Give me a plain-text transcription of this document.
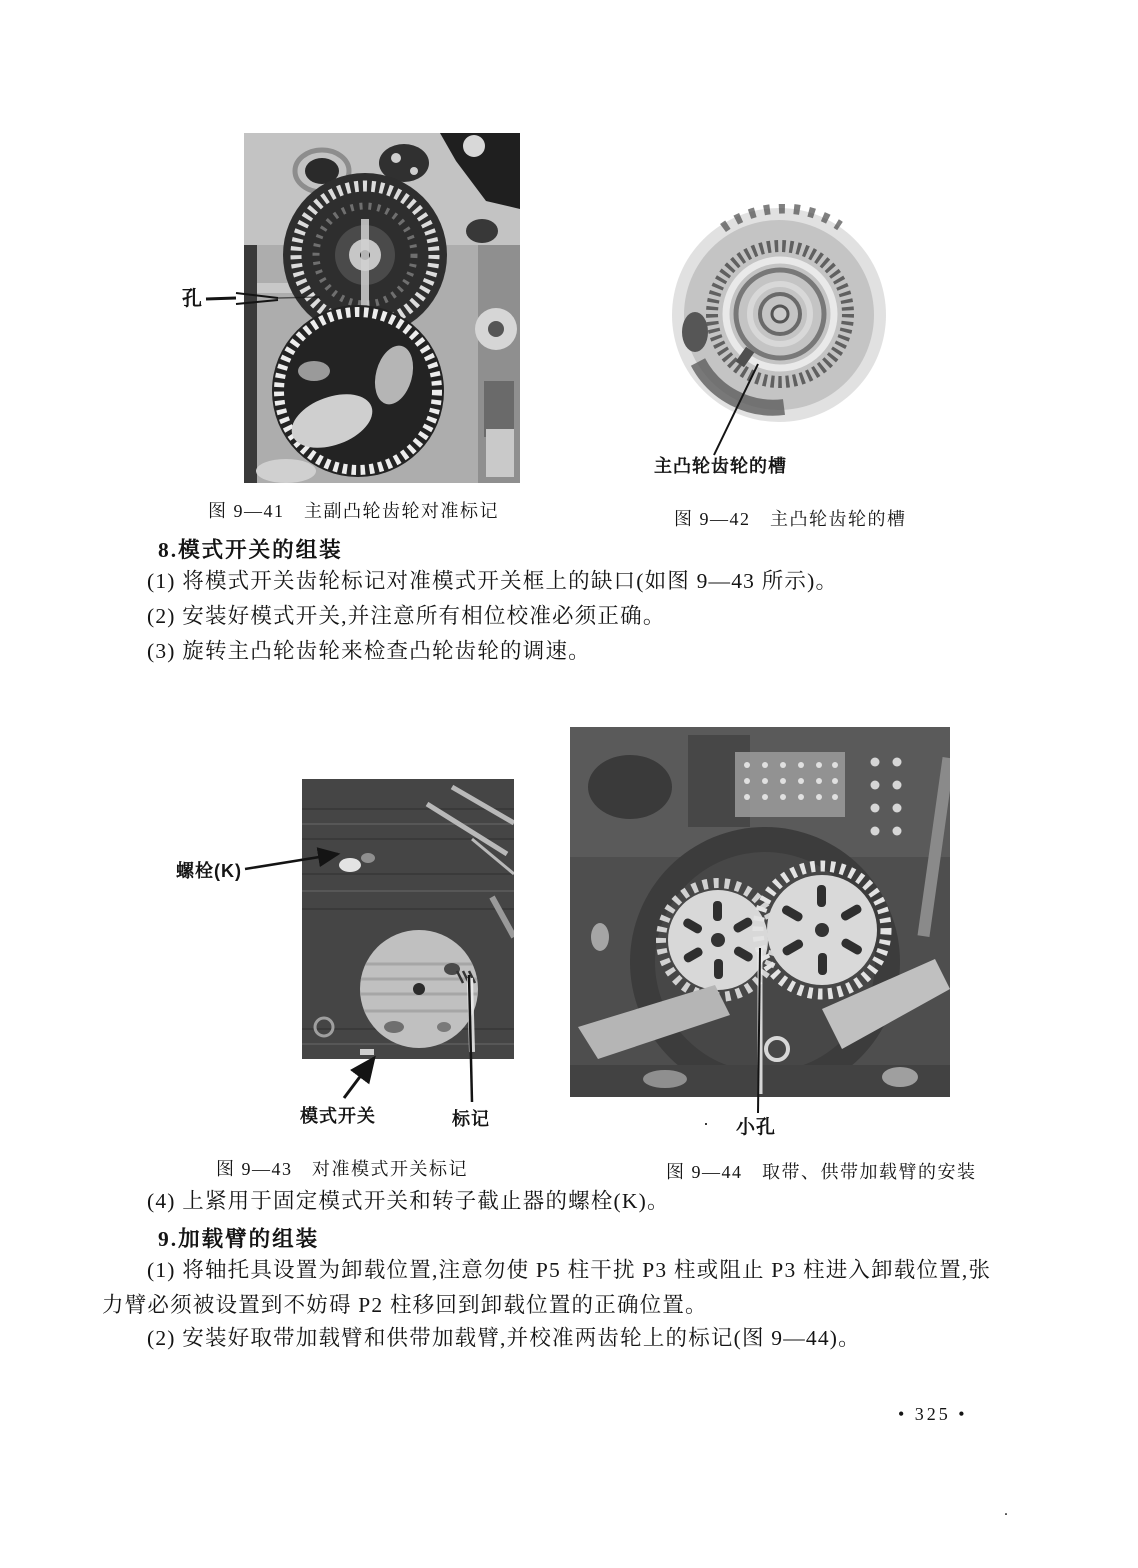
孔
主凸轮齿轮的槽
螺栓(K)
模式开关	标记	· 小孔
图 9—41　主副凸轮齿轮对准标记	图 9—42　主凸轮齿轮的槽
图 9—43　对准模式开关标记	图 9—44　取带、供带加载臂的安装
8.模式开关的组装
(1) 将模式开关齿轮标记对准模式开关框上的缺口(如图 9—43 所示)。
(2) 安装好模式开关,并注意所有相位校准必须正确。
(3) 旋转主凸轮齿轮来检查凸轮齿轮的调速。
(4) 上紧用于固定模式开关和转子截止器的螺栓(K)。
9.加载臂的组装
(1) 将轴托具设置为卸载位置,注意勿使 P5 柱干扰 P3 柱或阻止 P3 柱进入卸载位置,张
力臂必须被设置到不妨碍 P2 柱移回到卸载位置的正确位置。
(2) 安装好取带加载臂和供带加载臂,并校准两齿轮上的标记(图 9—44)。
• 325 •
.
